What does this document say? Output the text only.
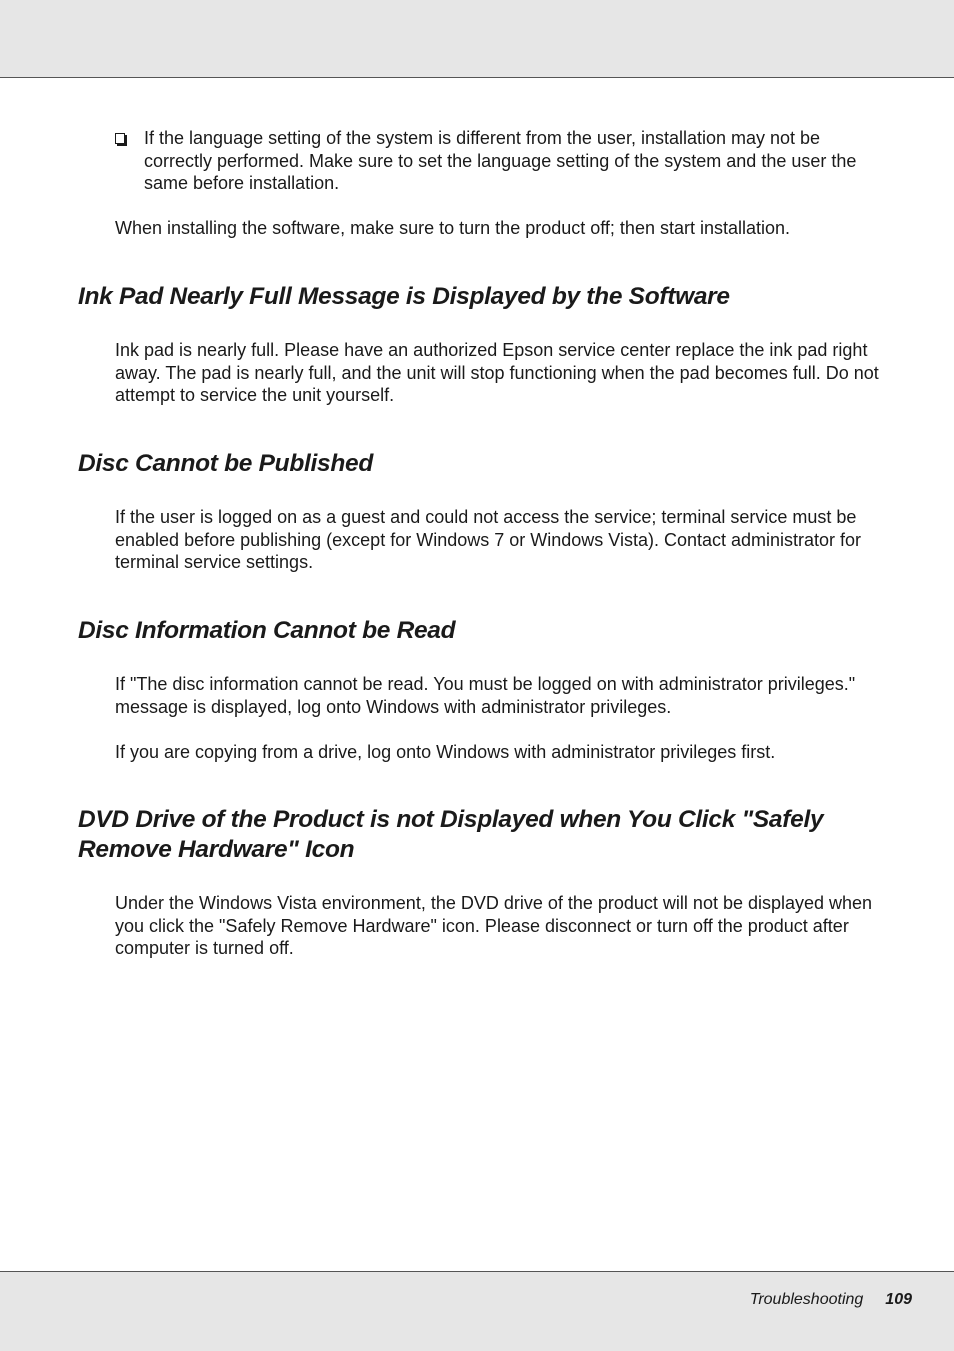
If the language setting of the system is different from the user, installation may not be correctly performed. Make sure to set the language setting of the system and the user the same before installation.

When installing the software, make sure to turn the product off; then start installation.

Ink Pad Nearly Full Message is Displayed by the Software

Ink pad is nearly full. Please have an authorized Epson service center replace the ink pad right away. The pad is nearly full, and the unit will stop functioning when the pad becomes full. Do not attempt to service the unit yourself.

Disc Cannot be Published

If the user is logged on as a guest and could not access the service; terminal service must be enabled before publishing (except for Windows 7 or Windows Vista). Contact administrator for terminal service settings.

Disc Information Cannot be Read

If "The disc information cannot be read. You must be logged on with administrator privileges." message is displayed, log onto Windows with administrator privileges.

If you are copying from a drive, log onto Windows with administrator privileges first.

DVD Drive of the Product is not Displayed when You Click "Safely Remove Hardware" Icon

Under the Windows Vista environment, the DVD drive of the product will not be displayed when you click the "Safely Remove Hardware" icon. Please disconnect or turn off the product after computer is turned off.

Troubleshooting 109
